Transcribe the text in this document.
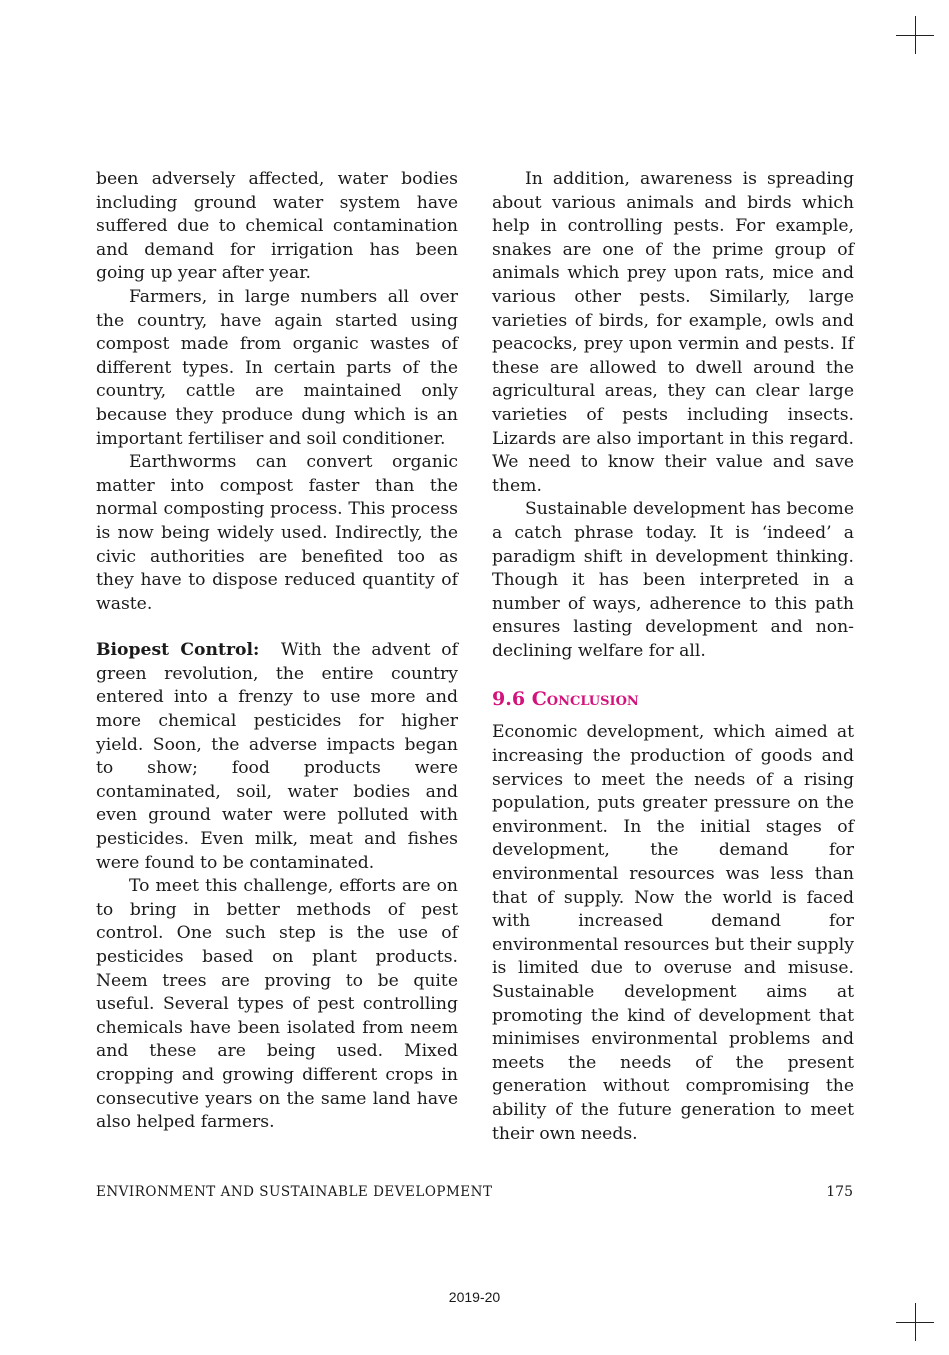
been adversely affected, water bodies including ground water system have suffered due to chemical contamination and demand for irrigation has been going up year after year.

Farmers, in large numbers all over the country, have again started using compost made from organic wastes of different types. In certain parts of the country, cattle are maintained only because they produce dung which is an important fertiliser and soil conditioner.

Earthworms can convert organic matter into compost faster than the normal composting process. This process is now being widely used. Indirectly, the civic authorities are benefited too as they have to dispose reduced quantity of waste.

Biopest Control: With the advent of green revolution, the entire country entered into a frenzy to use more and more chemical pesticides for higher yield. Soon, the adverse impacts began to show; food products were contaminated, soil, water bodies and even ground water were polluted with pesticides. Even milk, meat and fishes were found to be contaminated.

To meet this challenge, efforts are on to bring in better methods of pest control. One such step is the use of pesticides based on plant products. Neem trees are proving to be quite useful. Several types of pest controlling chemicals have been isolated from neem and these are being used. Mixed cropping and growing different crops in consecutive years on the same land have also helped farmers.

In addition, awareness is spreading about various animals and birds which help in controlling pests. For example, snakes are one of the prime group of animals which prey upon rats, mice and various other pests. Similarly, large varieties of birds, for example, owls and peacocks, prey upon vermin and pests. If these are allowed to dwell around the agricultural areas, they can clear large varieties of pests including insects. Lizards are also important in this regard. We need to know their value and save them.

Sustainable development has become a catch phrase today. It is ‘indeed’ a paradigm shift in development thinking. Though it has been interpreted in a number of ways, adherence to this path ensures lasting development and non-declining welfare for all.

9.6 Conclusion

Economic development, which aimed at increasing the production of goods and services to meet the needs of a rising population, puts greater pressure on the environment. In the initial stages of development, the demand for environmental resources was less than that of supply. Now the world is faced with increased demand for environmental resources but their supply is limited due to overuse and misuse. Sustainable development aims at promoting the kind of development that minimises environmental problems and meets the needs of the present generation without compromising the ability of the future generation to meet their own needs.

ENVIRONMENT AND SUSTAINABLE DEVELOPMENT	175
2019-20
